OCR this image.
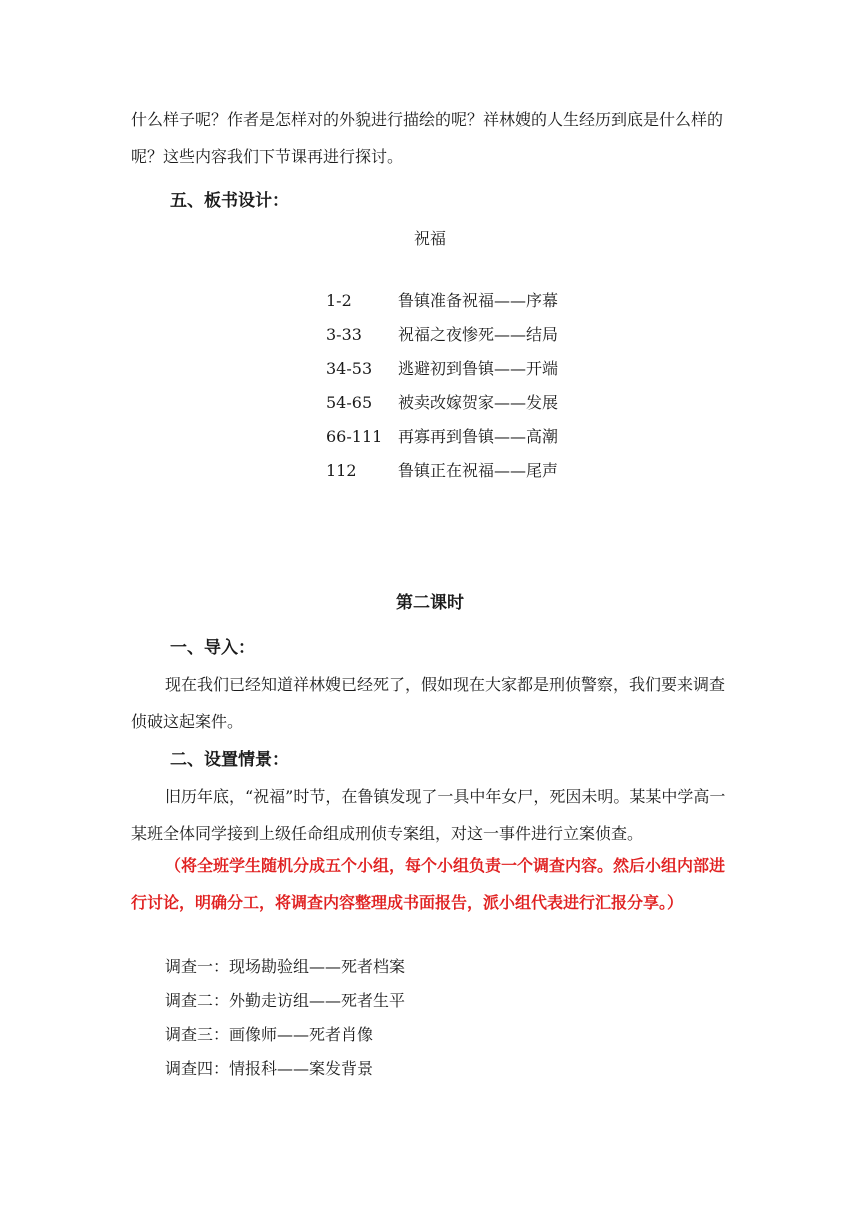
什么样子呢？作者是怎样对的外貌进行描绘的呢？祥林嫂的人生经历到底是什么样的呢？这些内容我们下节课再进行探讨。

五、板书设计：

祝福

1-2	鲁镇准备祝福——序幕
3-33	祝福之夜惨死——结局
34-53	逃避初到鲁镇——开端
54-65	被卖改嫁贺家——发展
66-111 再寡再到鲁镇——高潮
112	鲁镇正在祝福——尾声
第二课时
一、导入：

现在我们已经知道祥林嫂已经死了，假如现在大家都是刑侦警察，我们要来调查侦破这起案件。

二、设置情景：

旧历年底，“祝福”时节，在鲁镇发现了一具中年女尸，死因未明。某某中学高一某班全体同学接到上级任命组成刑侦专案组，对这一事件进行立案侦查。

（将全班学生随机分成五个小组，每个小组负责一个调查内容。然后小组内部进行讨论，明确分工，将调查内容整理成书面报告，派小组代表进行汇报分享。）

调查一：现场勘验组——死者档案

调查二：外勤走访组——死者生平

调查三：画像师——死者肖像

调查四：情报科——案发背景
